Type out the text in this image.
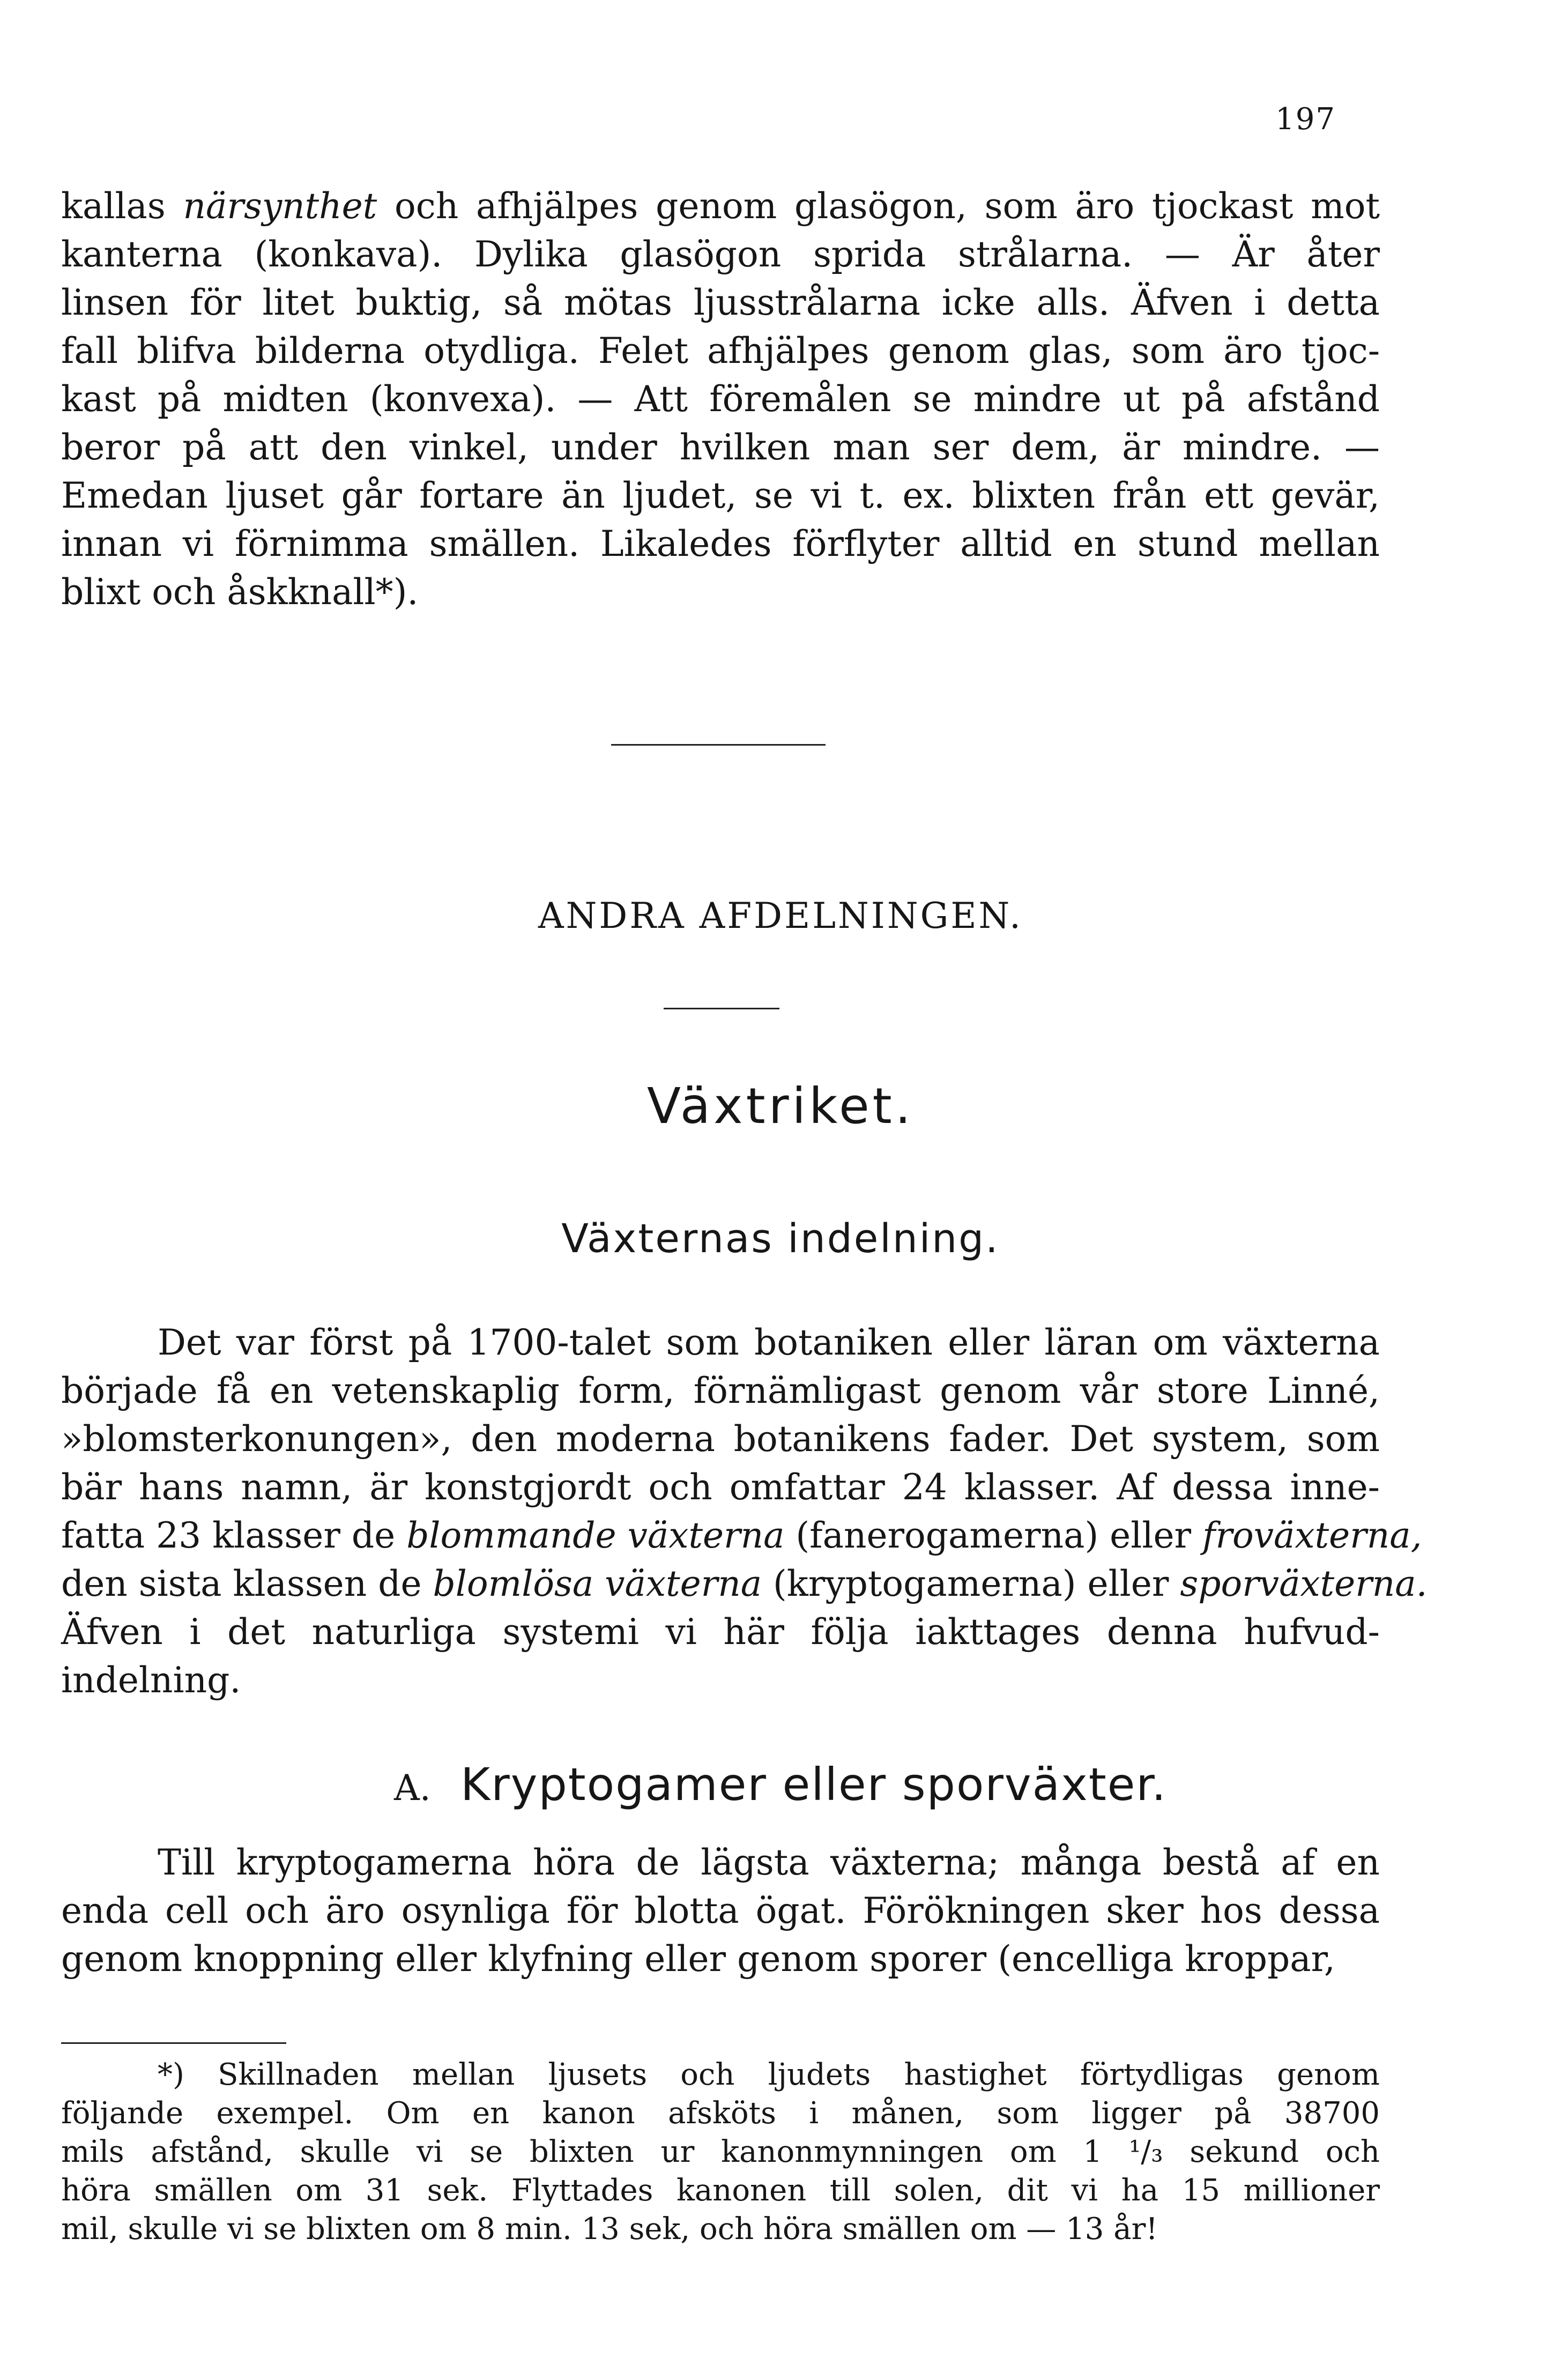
197

kallas närsynthet och afhjälpes genom glasögon, som äro tjockast mot
kanterna (konkava). Dylika glasögon sprida strålarna. — Är åter
linsen för litet buktig, så mötas ljusstrålarna icke alls. Äfven i detta
fall blifva bilderna otydliga. Felet afhjälpes genom glas, som äro tjoc-
kast på midten (konvexa). — Att föremålen se mindre ut på afstånd
beror på att den vinkel, under hvilken man ser dem, är mindre. —
Emedan ljuset går fortare än ljudet, se vi t. ex. blixten från ett gevär,
innan vi förnimma smällen. Likaledes förflyter alltid en stund mellan
blixt och åskknall*).

ANDRA AFDELNINGEN.
Växtriket.
Växternas indelning.

Det var först på 1700-talet som botaniken eller läran om växterna
började få en vetenskaplig form, förnämligast genom vår store Linné,
»blomsterkonungen», den moderna botanikens fader. Det system, som
bär hans namn, är konstgjordt och omfattar 24 klasser. Af dessa inne-
fatta 23 klasser de blommande växterna (fanerogamerna) eller froväxterna,
den sista klassen de blomlösa växterna (kryptogamerna) eller sporväxterna.
Äfven i det naturliga systemi vi här följa iakttages denna hufvud-
indelning.

A. Kryptogamer eller sporväxter.

Till kryptogamerna höra de lägsta växterna; många bestå af en
enda cell och äro osynliga för blotta ögat. Förökningen sker hos dessa
genom knoppning eller klyfning eller genom sporer (encelliga kroppar,

*) Skillnaden mellan ljusets och ljudets hastighet förtydligas genom
följande exempel. Om en kanon afsköts i månen, som ligger på 38700
mils afstånd, skulle vi se blixten ur kanonmynningen om 1 ¹/₃ sekund och
höra smällen om 31 sek. Flyttades kanonen till solen, dit vi ha 15 millioner
mil, skulle vi se blixten om 8 min. 13 sek, och höra smällen om — 13 år!
